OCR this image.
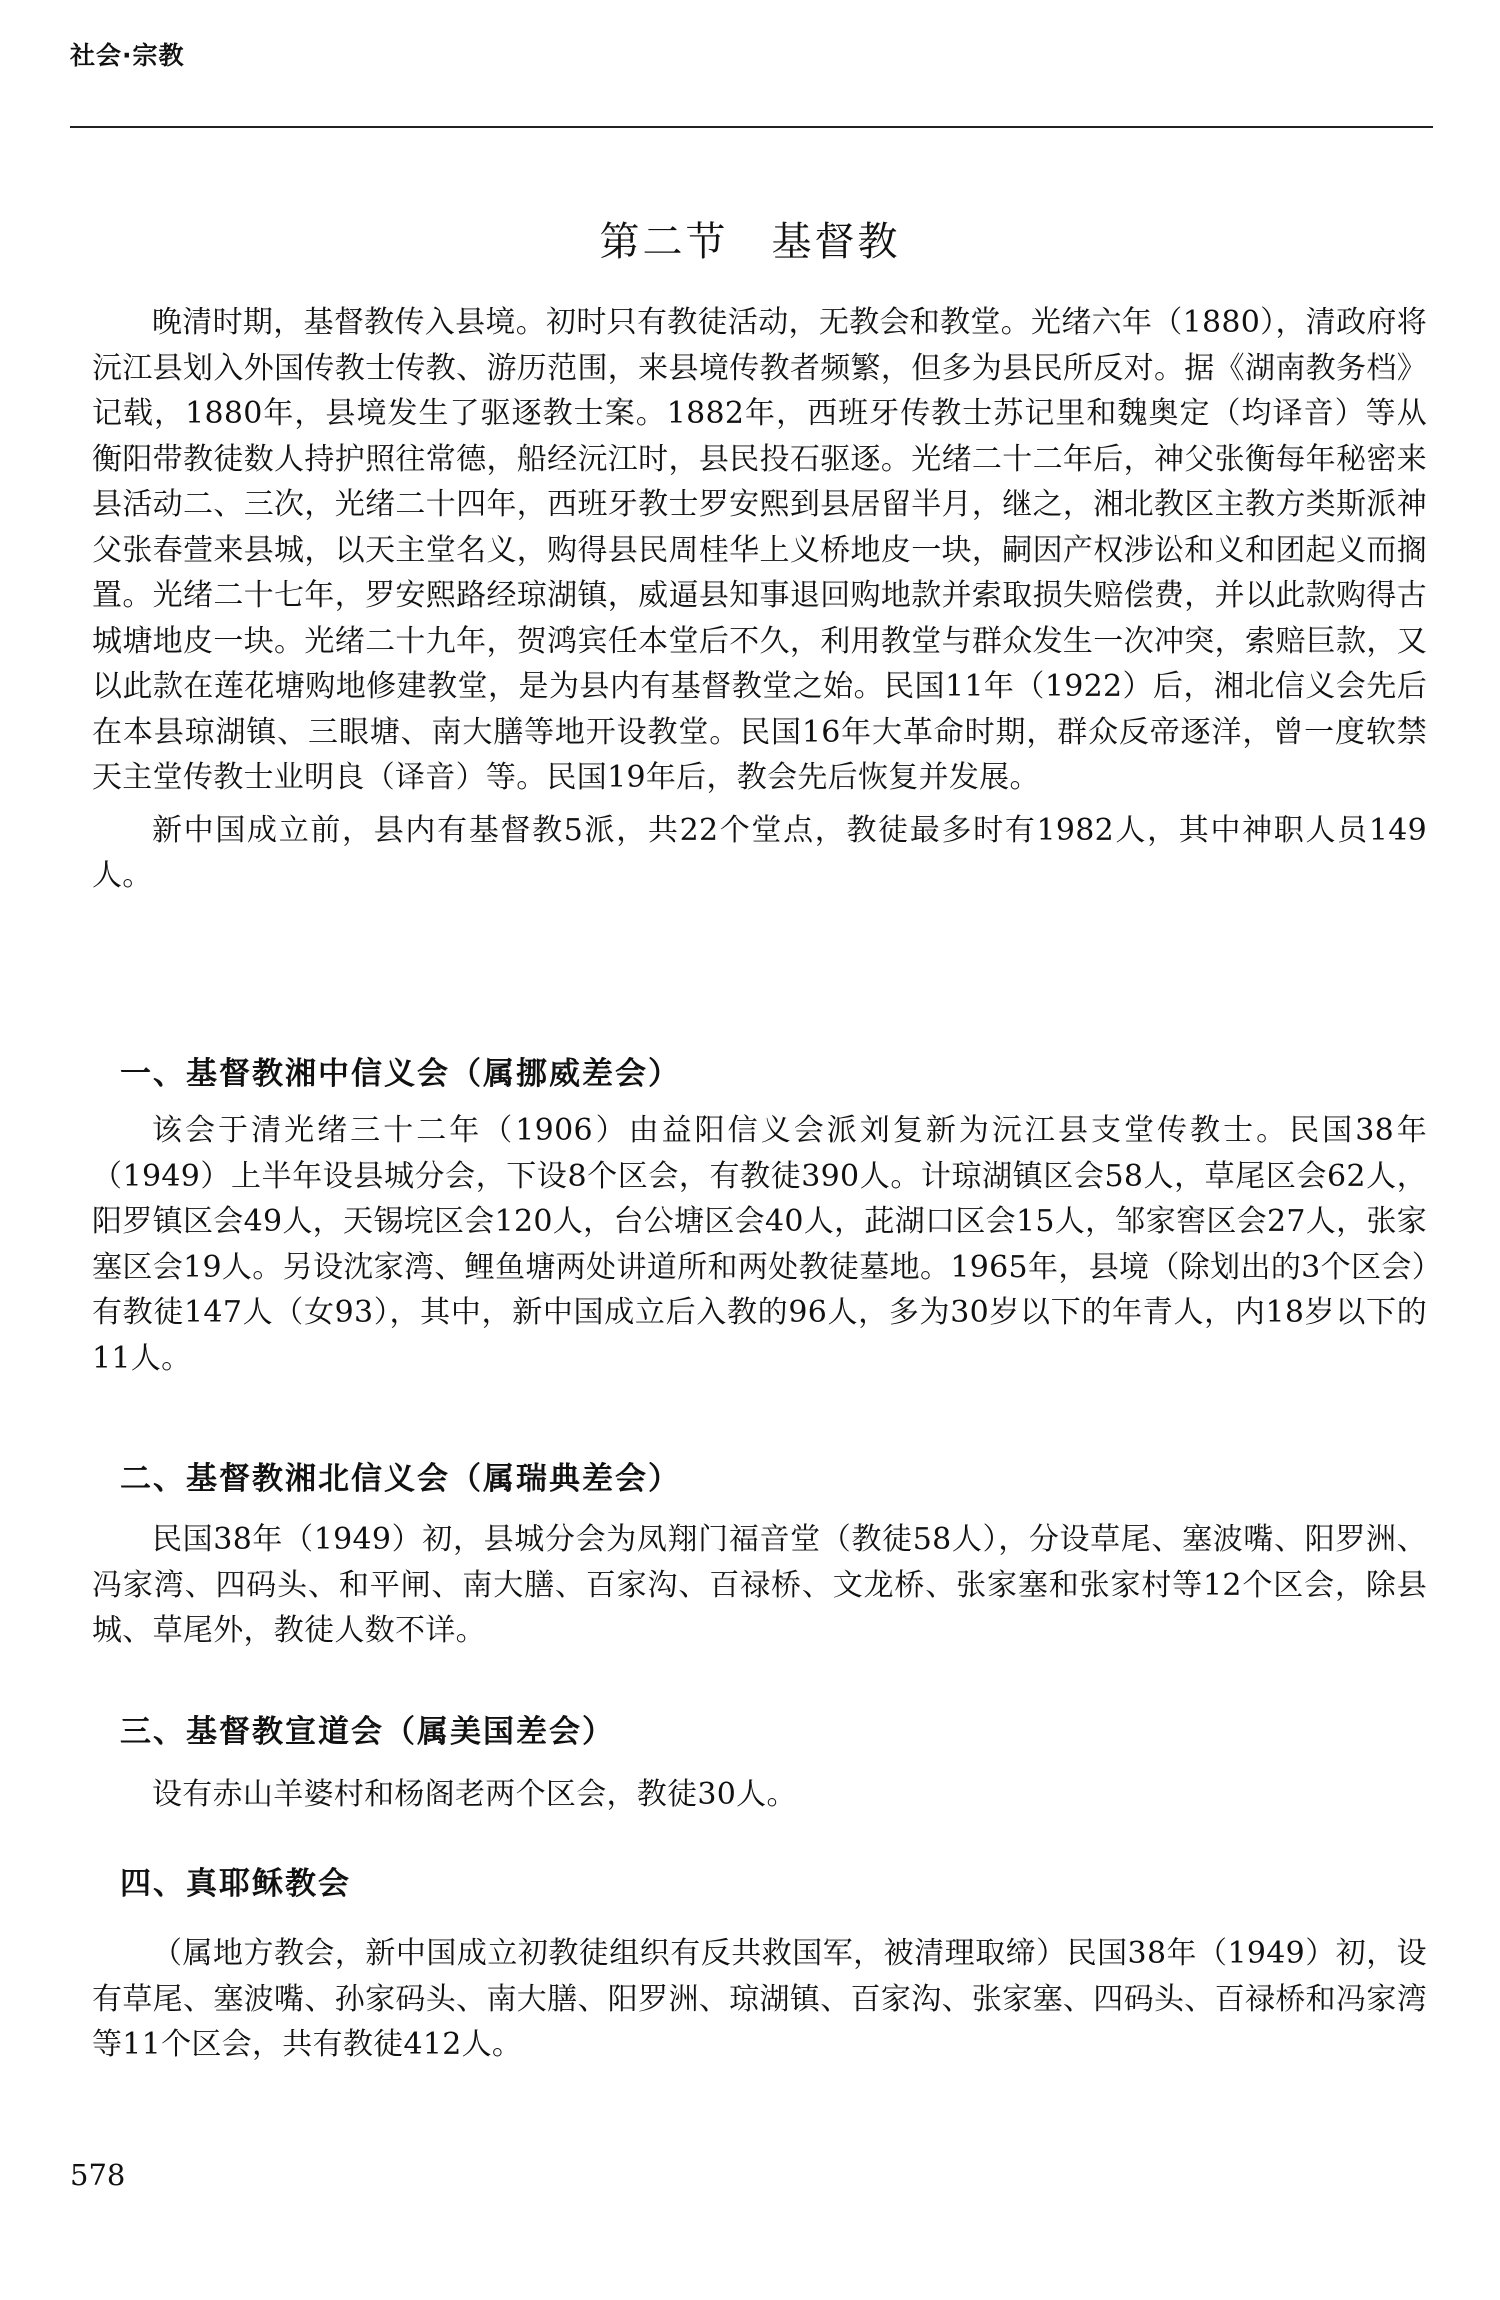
社会·宗教
第二节　基督教

晚清时期，基督教传入县境。初时只有教徒活动，无教会和教堂。光绪六年（1880），清政府将沅江县划入外国传教士传教、游历范围，来县境传教者频繁，但多为县民所反对。据《湖南教务档》记载，1880年，县境发生了驱逐教士案。1882年，西班牙传教士苏记里和魏奥定（均译音）等从衡阳带教徒数人持护照往常德，船经沅江时，县民投石驱逐。光绪二十二年后，神父张衡每年秘密来县活动二、三次，光绪二十四年，西班牙教士罗安熙到县居留半月，继之，湘北教区主教方类斯派神父张春萱来县城，以天主堂名义，购得县民周桂华上义桥地皮一块，嗣因产权涉讼和义和团起义而搁置。光绪二十七年，罗安熙路经琼湖镇，威逼县知事退回购地款并索取损失赔偿费，并以此款购得古城塘地皮一块。光绪二十九年，贺鸿宾任本堂后不久，利用教堂与群众发生一次冲突，索赔巨款，又以此款在莲花塘购地修建教堂，是为县内有基督教堂之始。民国11年（1922）后，湘北信义会先后在本县琼湖镇、三眼塘、南大膳等地开设教堂。民国16年大革命时期，群众反帝逐洋，曾一度软禁天主堂传教士业明良（译音）等。民国19年后，教会先后恢复并发展。

新中国成立前，县内有基督教5派，共22个堂点，教徒最多时有1982人，其中神职人员149人。

一、基督教湘中信义会（属挪威差会）

该会于清光绪三十二年（1906）由益阳信义会派刘复新为沅江县支堂传教士。民国38年（1949）上半年设县城分会，下设8个区会，有教徒390人。计琼湖镇区会58人，草尾区会62人，阳罗镇区会49人，天锡垸区会120人，台公塘区会40人，茈湖口区会15人，邹家窖区会27人，张家塞区会19人。另设沈家湾、鲤鱼塘两处讲道所和两处教徒墓地。1965年，县境（除划出的3个区会）有教徒147人（女93），其中，新中国成立后入教的96人，多为30岁以下的年青人，内18岁以下的11人。

二、基督教湘北信义会（属瑞典差会）

民国38年（1949）初，县城分会为凤翔门福音堂（教徒58人），分设草尾、塞波嘴、阳罗洲、冯家湾、四码头、和平闸、南大膳、百家沟、百禄桥、文龙桥、张家塞和张家村等12个区会，除县城、草尾外，教徒人数不详。

三、基督教宣道会（属美国差会）

设有赤山羊婆村和杨阁老两个区会，教徒30人。

四、真耶稣教会

（属地方教会，新中国成立初教徒组织有反共救国军，被清理取缔）民国38年（1949）初，设有草尾、塞波嘴、孙家码头、南大膳、阳罗洲、琼湖镇、百家沟、张家塞、四码头、百禄桥和冯家湾等11个区会，共有教徒412人。

578
